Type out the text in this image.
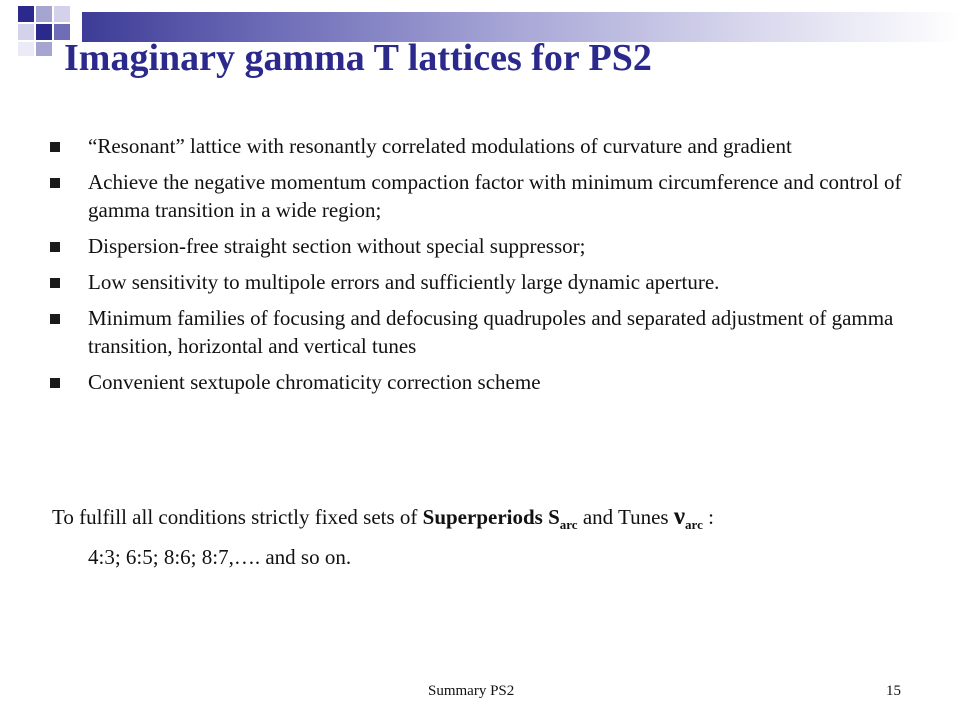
Imaginary gamma T lattices for PS2
“Resonant” lattice with resonantly correlated modulations of curvature and gradient
Achieve the negative momentum compaction factor with minimum circumference and control of gamma transition in a wide region;
Dispersion-free straight section without special suppressor;
Low sensitivity to multipole errors and sufficiently large dynamic aperture.
Minimum families of focusing and defocusing quadrupoles and separated adjustment of gamma transition, horizontal and vertical tunes
Convenient sextupole chromaticity correction scheme
To fulfill all conditions strictly fixed sets of Superperiods $S_{arc}$ and Tunes $\nu_{arc}$ :
4:3; 6:5; 8:6; 8:7,…. and so on.
Summary PS2	15
